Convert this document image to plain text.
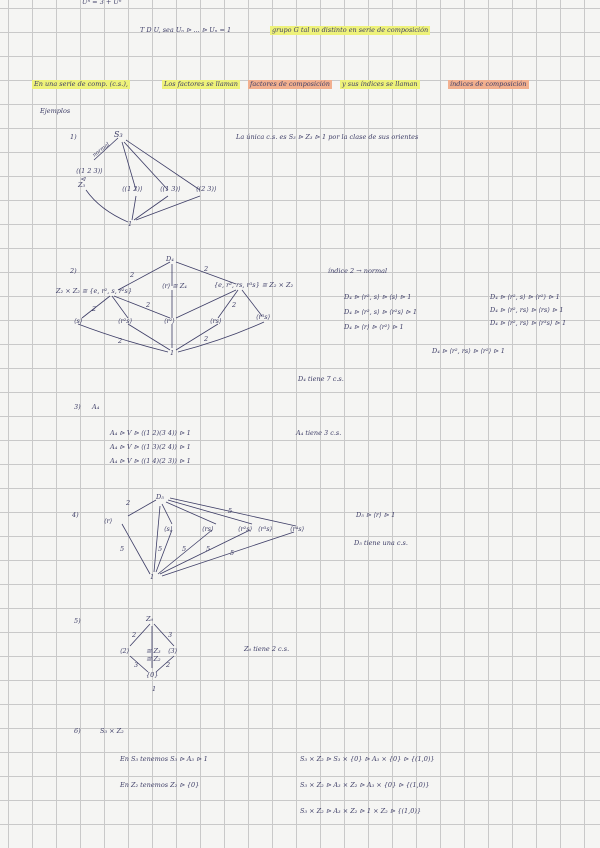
Uⁿ = 3 + Uⁿ
T D U, sea Uₙ ⊳ ... ⊳ Uₙ = 1	grupo G tal no distinto en serie de composición
En una serie de comp. (c.s.),	Los factores se llaman	factores de composición	y sus índices se llaman	índices de composición
Ejemplos
1)	S₃
normal
⟨(1 2 3)⟩
⊲
Z₃	⟨(1 2)⟩	⟨(1 3)⟩ ⟨(2 3)⟩
1
La única c.s. es S₃ ⊳ Z₃ ⊳ 1 por la clase de sus orientes
2)
D₄
Z₂ × Z₂ ≅ {e, r², s, r²s}
⟨r⟩ ≅ Z₄	{e, r², rs, r³s} ≅ Z₂ × Z₂
⟨s⟩	⟨r²s⟩	⟨r²⟩	⟨rs⟩	⟨r³s⟩
1
2
2
2	2	2
2	2
índice 2 → normal
D₄ ⊳ ⟨r², s⟩ ⊳ ⟨s⟩ ⊳ 1
D₄ ⊳ ⟨r², s⟩ ⊳ ⟨r²s⟩ ⊳ 1
D₄ ⊳ ⟨r⟩ ⊳ ⟨r²⟩ ⊳ 1
D₄ ⊳ ⟨r², s⟩ ⊳ ⟨r²⟩ ⊳ 1
D₄ ⊳ ⟨r², rs⟩ ⊳ ⟨rs⟩ ⊳ 1
D₄ ⊳ ⟨r², rs⟩ ⊳ ⟨r³s⟩ ⊳ 1
D₄ ⊳ ⟨r², rs⟩ ⊳ ⟨r²⟩ ⊳ 1
D₄ tiene 7 c.s.
3) A₄
A₄ ⊳ V ⊳ ⟨(1 2)(3 4)⟩ ⊳ 1
A₄ ⊳ V ⊳ ⟨(1 3)(2 4)⟩ ⊳ 1
A₄ ⊳ V ⊳ ⟨(1 4)(2 3)⟩ ⊳ 1
A₄ tiene 3 c.s.
4)
D₅
⟨r⟩
⟨s⟩	⟨rs⟩	⟨r²s⟩ ⟨r³s⟩	⟨r⁴s⟩
1
2
5	5	5	5	5
5	D₅ ⊳ ⟨r⟩ ⊳ 1
D₅ tiene una c.s.
5)	Z₆
⟨2⟩	≅ Z₃ ⟨3⟩
≅ Z₂
2	3
3	2
{0}
1
Z₆ tiene 2 c.s.
6)	S₃ × Z₂
En S₃ tenemos S₃ ⊳ A₃ ⊳ 1
En Z₂ tenemos Z₂ ⊳ {0}
S₃ × Z₂ ⊳ S₃ × {0} ⊳ A₃ × {0} ⊳ {(1,0)}
S₃ × Z₂ ⊳ A₃ × Z₂ ⊳ A₃ × {0} ⊳ {(1,0)}
S₃ × Z₂ ⊳ A₃ × Z₂ ⊳ 1 × Z₂ ⊳ {(1,0)}
